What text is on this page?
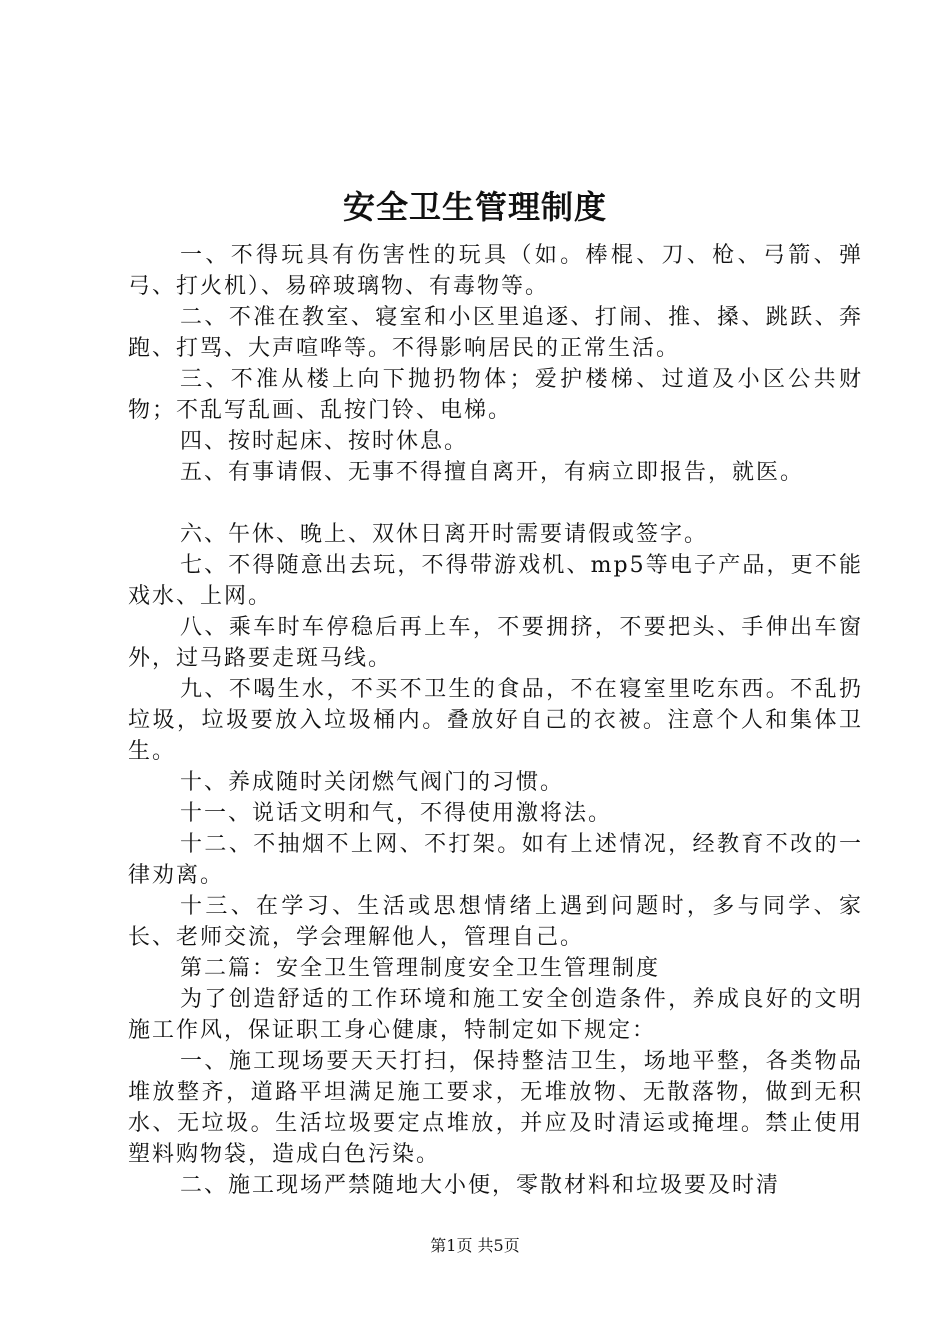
安全卫生管理制度

一、不得玩具有伤害性的玩具（如。棒棍、刀、枪、弓箭、弹弓、打火机）、易碎玻璃物、有毒物等。

二、不准在教室、寝室和小区里追逐、打闹、推、搡、跳跃、奔跑、打骂、大声喧哗等。不得影响居民的正常生活。

三、不准从楼上向下抛扔物体；爱护楼梯、过道及小区公共财物；不乱写乱画、乱按门铃、电梯。

四、按时起床、按时休息。

五、有事请假、无事不得擅自离开，有病立即报告，就医。

六、午休、晚上、双休日离开时需要请假或签字。

七、不得随意出去玩，不得带游戏机、mp5等电子产品，更不能戏水、上网。

八、乘车时车停稳后再上车，不要拥挤，不要把头、手伸出车窗外，过马路要走斑马线。

九、不喝生水，不买不卫生的食品，不在寝室里吃东西。不乱扔垃圾，垃圾要放入垃圾桶内。叠放好自己的衣被。注意个人和集体卫生。

十、养成随时关闭燃气阀门的习惯。

十一、说话文明和气，不得使用激将法。

十二、不抽烟不上网、不打架。如有上述情况，经教育不改的一律劝离。

十三、在学习、生活或思想情绪上遇到问题时，多与同学、家长、老师交流，学会理解他人，管理自己。

第二篇：安全卫生管理制度安全卫生管理制度

为了创造舒适的工作环境和施工安全创造条件，养成良好的文明施工作风，保证职工身心健康，特制定如下规定：

一、施工现场要天天打扫，保持整洁卫生，场地平整，各类物品堆放整齐，道路平坦满足施工要求，无堆放物、无散落物，做到无积水、无垃圾。生活垃圾要定点堆放，并应及时清运或掩埋。禁止使用塑料购物袋，造成白色污染。

二、施工现场严禁随地大小便，零散材料和垃圾要及时清

第1页 共5页
